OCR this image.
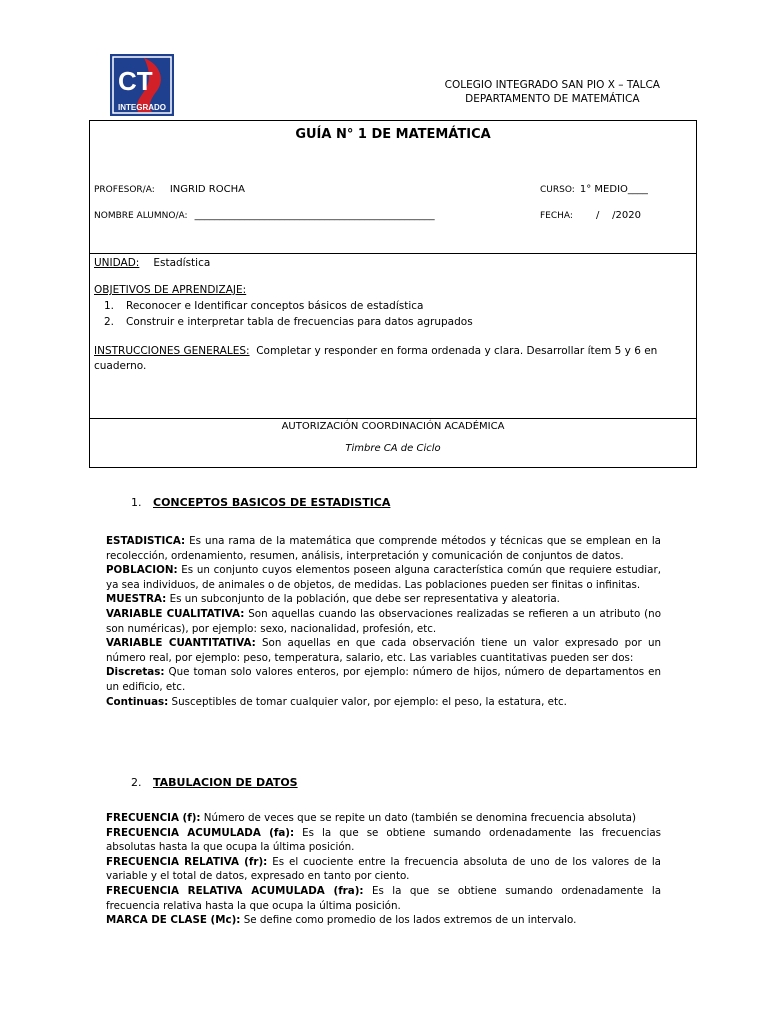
CT
INTEGRADO
COLEGIO INTEGRADO SAN PIO X – TALCA
DEPARTAMENTO DE MATEMÁTICA
GUÍA N° 1 DE MATEMÁTICA
PROFESOR/A: INGRID ROCHA	CURSO: 1° MEDIO____
NOMBRE ALUMNO/A: ________________________________________________	FECHA: /    /2020
UNIDAD: Estadística
OBJETIVOS DE APRENDIZAJE:
1. Reconocer e Identificar conceptos básicos de estadística
2. Construir e interpretar tabla de frecuencias para datos agrupados
INSTRUCCIONES GENERALES: Completar y responder en forma ordenada y clara. Desarrollar ítem 5 y 6 en cuaderno.
AUTORIZACIÓN COORDINACIÓN ACADÉMICA
Timbre CA de Ciclo
1. CONCEPTOS BASICOS DE ESTADISTICA

ESTADISTICA: Es una rama de la matemática que comprende métodos y técnicas que se emplean en la recolección, ordenamiento, resumen, análisis, interpretación y comunicación de conjuntos de datos.

POBLACION: Es un conjunto cuyos elementos poseen alguna característica común que requiere estudiar, ya sea individuos, de animales o de objetos, de medidas. Las poblaciones pueden ser finitas o infinitas.

MUESTRA: Es un subconjunto de la población, que debe ser representativa y aleatoria.

VARIABLE CUALITATIVA: Son aquellas cuando las observaciones realizadas se refieren a un atributo (no son numéricas), por ejemplo: sexo, nacionalidad, profesión, etc.

VARIABLE CUANTITATIVA: Son aquellas en que cada observación tiene un valor expresado por un número real, por ejemplo: peso, temperatura, salario, etc. Las variables cuantitativas pueden ser dos:

Discretas: Que toman solo valores enteros, por ejemplo: número de hijos, número de departamentos en un edificio, etc.

Continuas: Susceptibles de tomar cualquier valor, por ejemplo: el peso, la estatura, etc.

2. TABULACION DE DATOS

FRECUENCIA (f): Número de veces que se repite un dato (también se denomina frecuencia absoluta)

FRECUENCIA ACUMULADA (fa): Es la que se obtiene sumando ordenadamente las frecuencias absolutas hasta la que ocupa la última posición.

FRECUENCIA RELATIVA (fr): Es el cuociente entre la frecuencia absoluta de uno de los valores de la variable y el total de datos, expresado en tanto por ciento.

FRECUENCIA RELATIVA ACUMULADA (fra): Es la que se obtiene sumando ordenadamente la frecuencia relativa hasta la que ocupa la última posición.

MARCA DE CLASE (Mc): Se define como promedio de los lados extremos de un intervalo.
